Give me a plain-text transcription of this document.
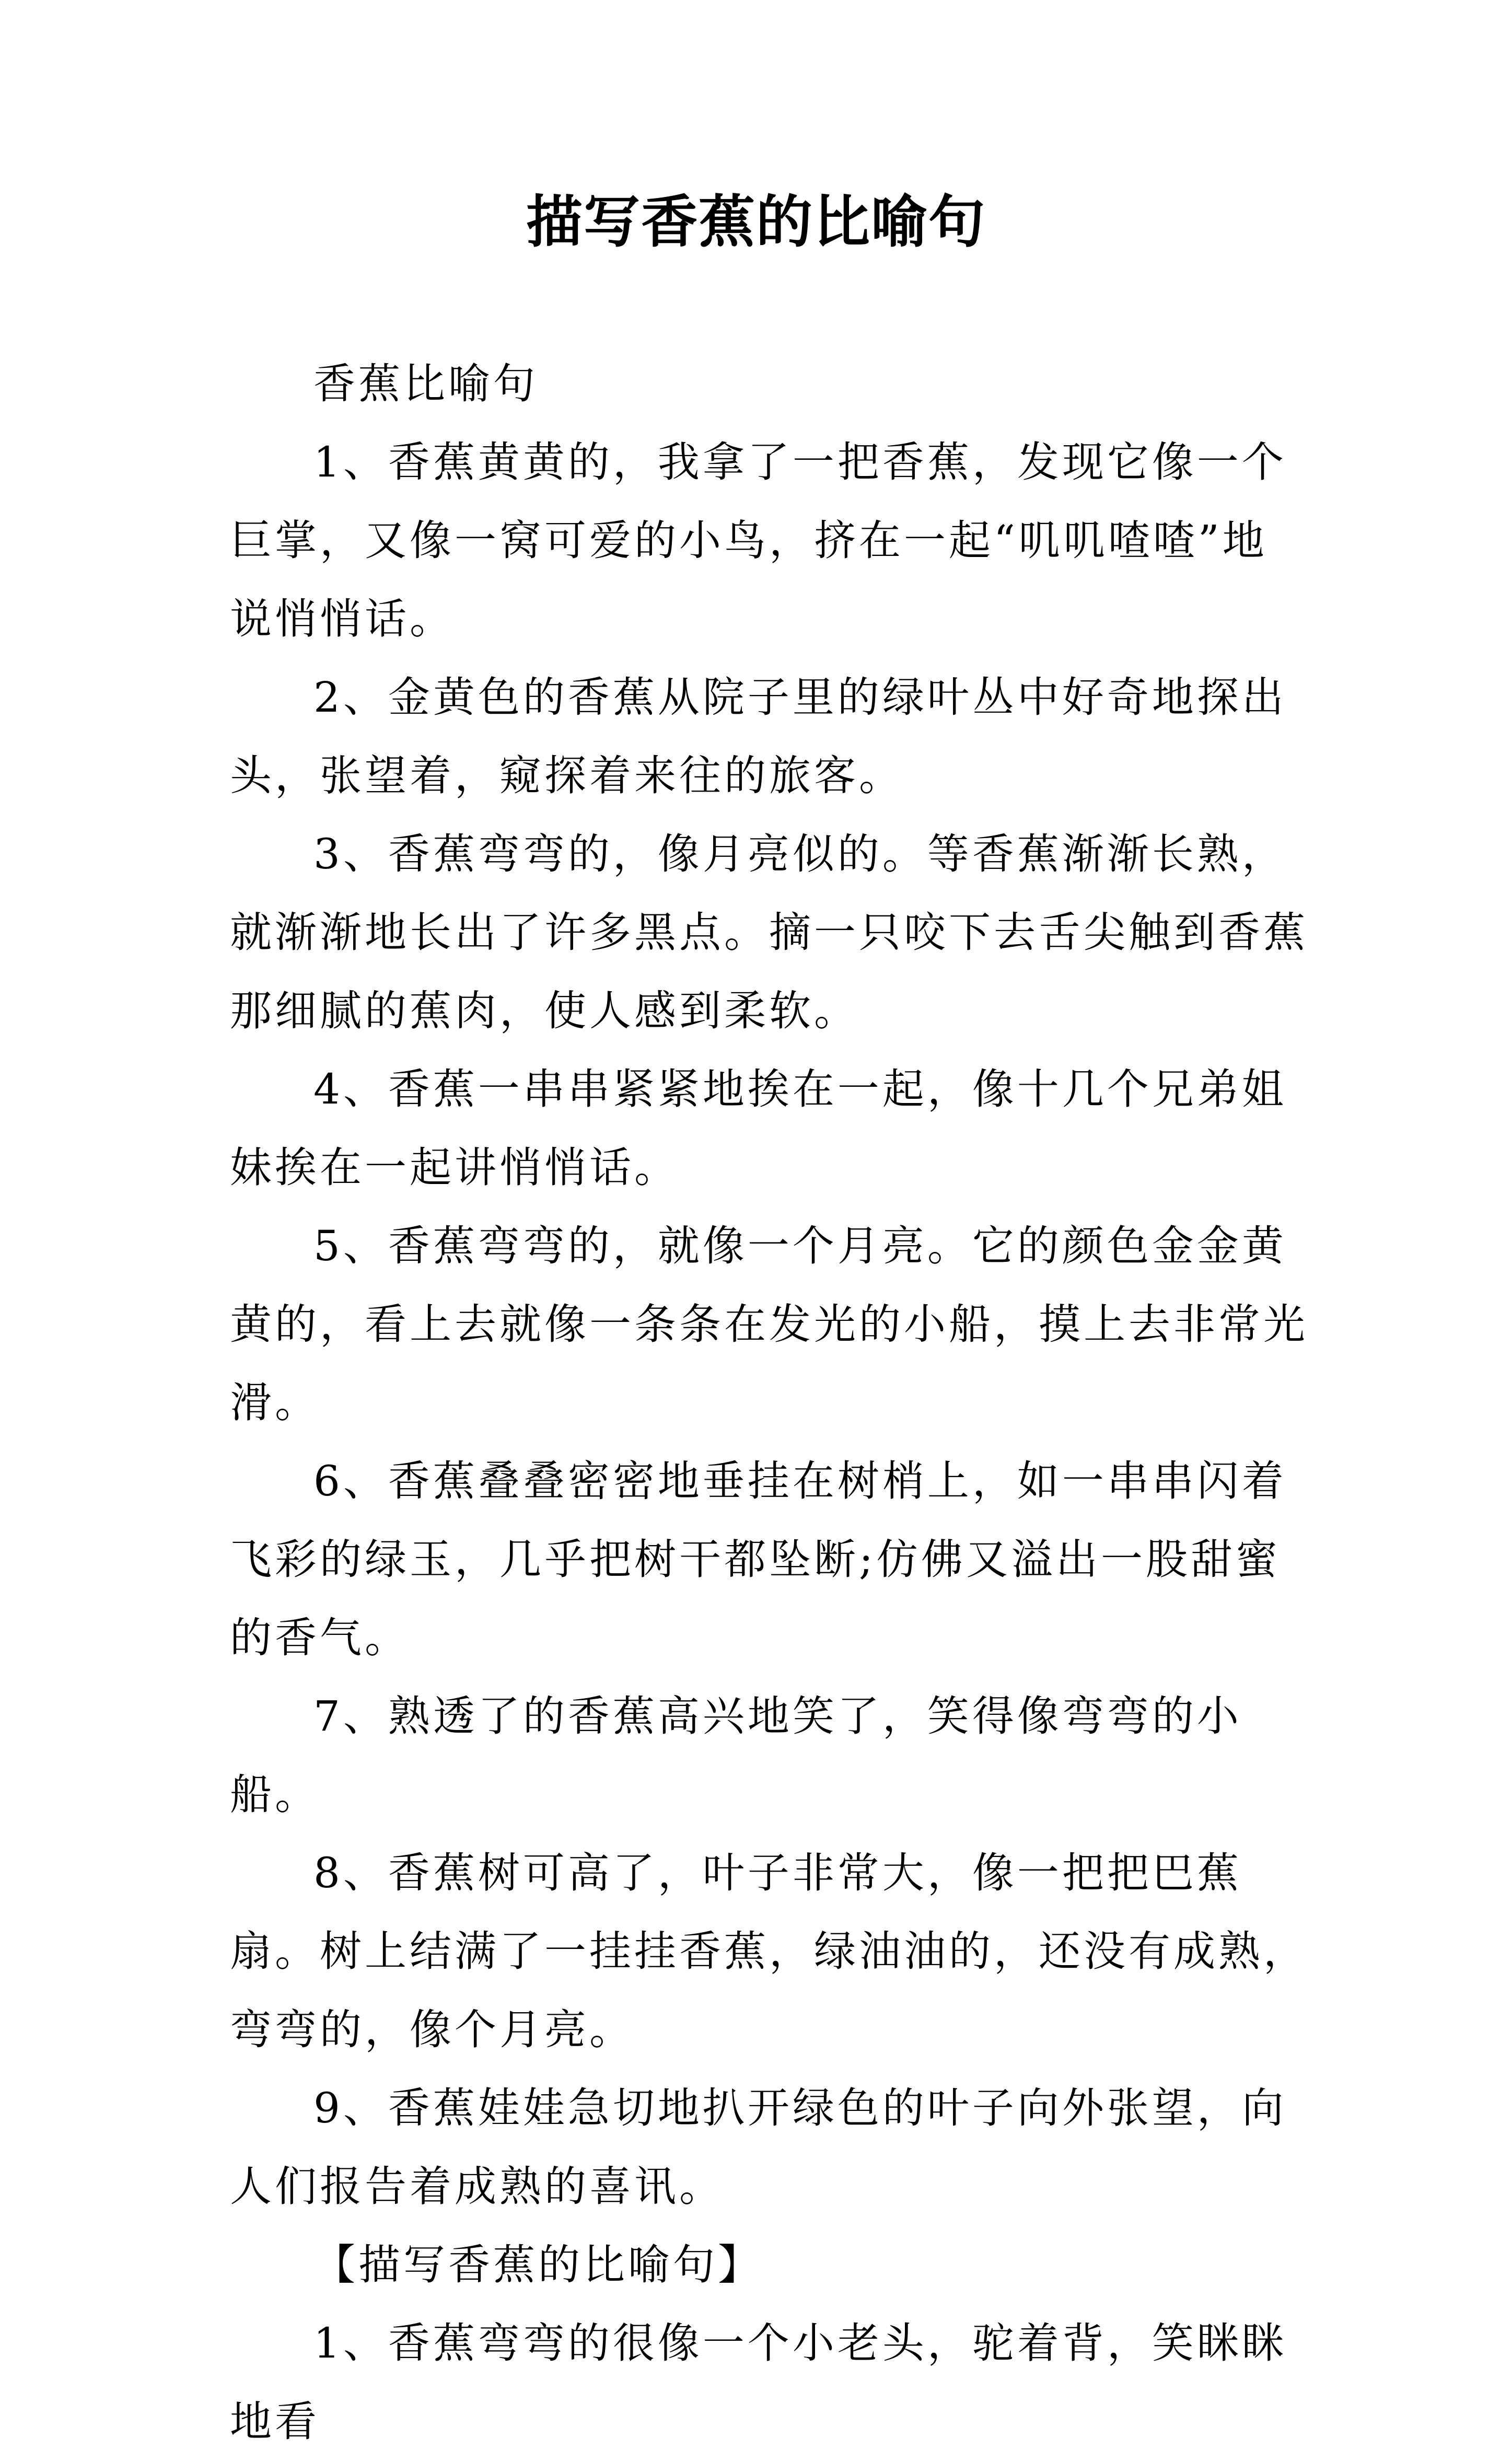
描写香蕉的比喻句

香蕉比喻句

1、香蕉黄黄的，我拿了一把香蕉，发现它像一个巨掌，又像一窝可爱的小鸟，挤在一起“叽叽喳喳”地说悄悄话。

2、金黄色的香蕉从院子里的绿叶丛中好奇地探出头，张望着，窥探着来往的旅客。

3、香蕉弯弯的，像月亮似的。等香蕉渐渐长熟，就渐渐地长出了许多黑点。摘一只咬下去舌尖触到香蕉那细腻的蕉肉，使人感到柔软。

4、香蕉一串串紧紧地挨在一起，像十几个兄弟姐妹挨在一起讲悄悄话。

5、香蕉弯弯的，就像一个月亮。它的颜色金金黄黄的，看上去就像一条条在发光的小船，摸上去非常光滑。

6、香蕉叠叠密密地垂挂在树梢上，如一串串闪着飞彩的绿玉，几乎把树干都坠断;仿佛又溢出一股甜蜜的香气。

7、熟透了的香蕉高兴地笑了，笑得像弯弯的小船。

8、香蕉树可高了，叶子非常大，像一把把巴蕉扇。树上结满了一挂挂香蕉，绿油油的，还没有成熟，弯弯的，像个月亮。

9、香蕉娃娃急切地扒开绿色的叶子向外张望，向人们报告着成熟的喜讯。

【描写香蕉的比喻句】

1、香蕉弯弯的很像一个小老头，驼着背，笑眯眯地看
